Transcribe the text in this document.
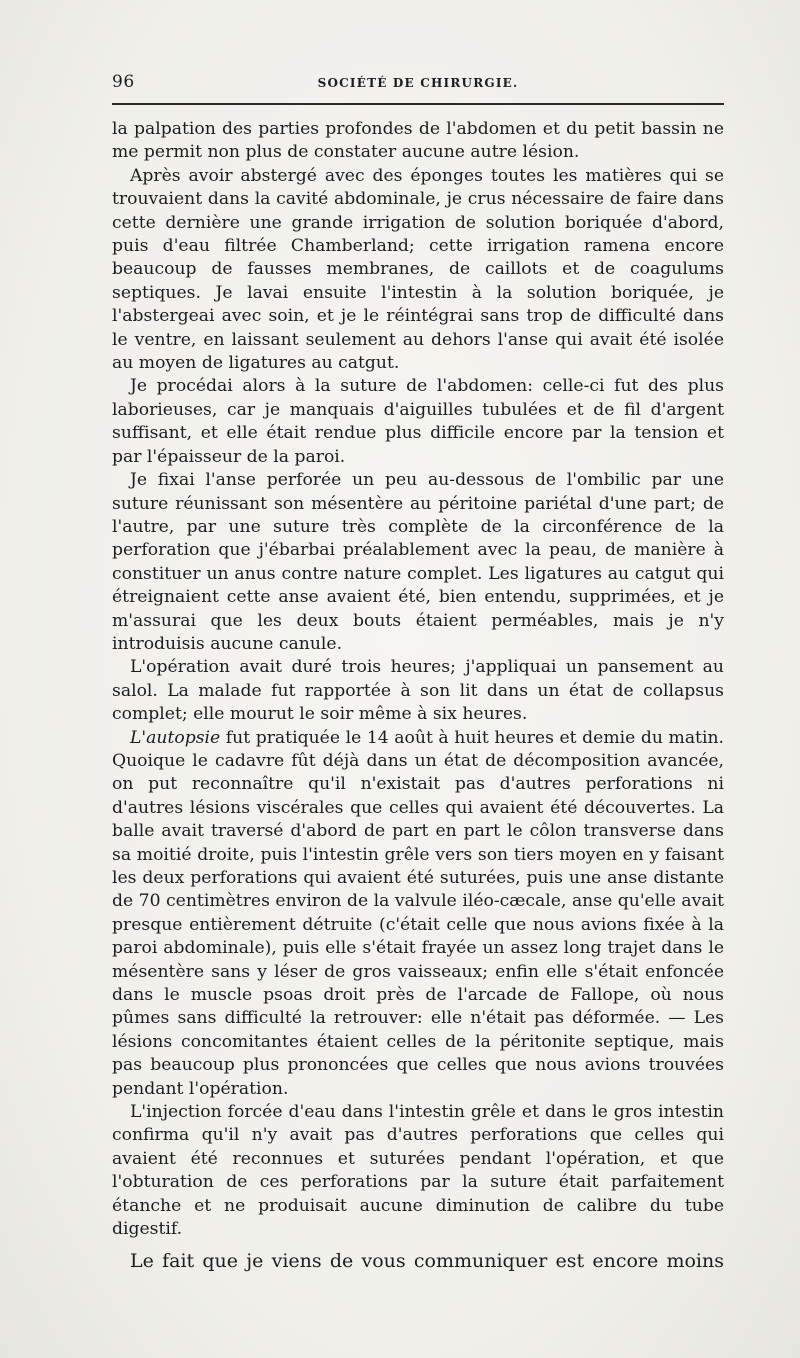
96	SOCIÉTÉ DE CHIRURGIE.

la palpation des parties profondes de l'abdomen et du petit bassin ne me permit non plus de constater aucune autre lésion.

Après avoir abstergé avec des éponges toutes les matières qui se trouvaient dans la cavité abdominale, je crus nécessaire de faire dans cette dernière une grande irrigation de solution boriquée d'abord, puis d'eau filtrée Chamberland; cette irrigation ramena encore beaucoup de fausses membranes, de caillots et de coagulums septiques. Je lavai ensuite l'intestin à la solution boriquée, je l'abstergeai avec soin, et je le réintégrai sans trop de difficulté dans le ventre, en laissant seulement au dehors l'anse qui avait été isolée au moyen de ligatures au catgut.

Je procédai alors à la suture de l'abdomen: celle-ci fut des plus laborieuses, car je manquais d'aiguilles tubulées et de fil d'argent suffisant, et elle était rendue plus difficile encore par la tension et par l'épaisseur de la paroi.

Je fixai l'anse perforée un peu au-dessous de l'ombilic par une suture réunissant son mésentère au péritoine pariétal d'une part; de l'autre, par une suture très complète de la circonférence de la perforation que j'ébarbai préalablement avec la peau, de manière à constituer un anus contre nature complet. Les ligatures au catgut qui étreignaient cette anse avaient été, bien entendu, supprimées, et je m'assurai que les deux bouts étaient perméables, mais je n'y introduisis aucune canule.

L'opération avait duré trois heures; j'appliquai un pansement au salol. La malade fut rapportée à son lit dans un état de collapsus complet; elle mourut le soir même à six heures.

L'autopsie fut pratiquée le 14 août à huit heures et demie du matin. Quoique le cadavre fût déjà dans un état de décomposition avancée, on put reconnaître qu'il n'existait pas d'autres perforations ni d'autres lésions viscérales que celles qui avaient été découvertes. La balle avait traversé d'abord de part en part le côlon transverse dans sa moitié droite, puis l'intestin grêle vers son tiers moyen en y faisant les deux perforations qui avaient été suturées, puis une anse distante de 70 centimètres environ de la valvule iléo-cæcale, anse qu'elle avait presque entièrement détruite (c'était celle que nous avions fixée à la paroi abdominale), puis elle s'était frayée un assez long trajet dans le mésentère sans y léser de gros vaisseaux; enfin elle s'était enfoncée dans le muscle psoas droit près de l'arcade de Fallope, où nous pûmes sans difficulté la retrouver: elle n'était pas déformée. — Les lésions concomitantes étaient celles de la péritonite septique, mais pas beaucoup plus prononcées que celles que nous avions trouvées pendant l'opération.

L'injection forcée d'eau dans l'intestin grêle et dans le gros intestin confirma qu'il n'y avait pas d'autres perforations que celles qui avaient été reconnues et suturées pendant l'opération, et que l'obturation de ces perforations par la suture était parfaitement étanche et ne produisait aucune diminution de calibre du tube digestif.

Le fait que je viens de vous communiquer est encore moins
